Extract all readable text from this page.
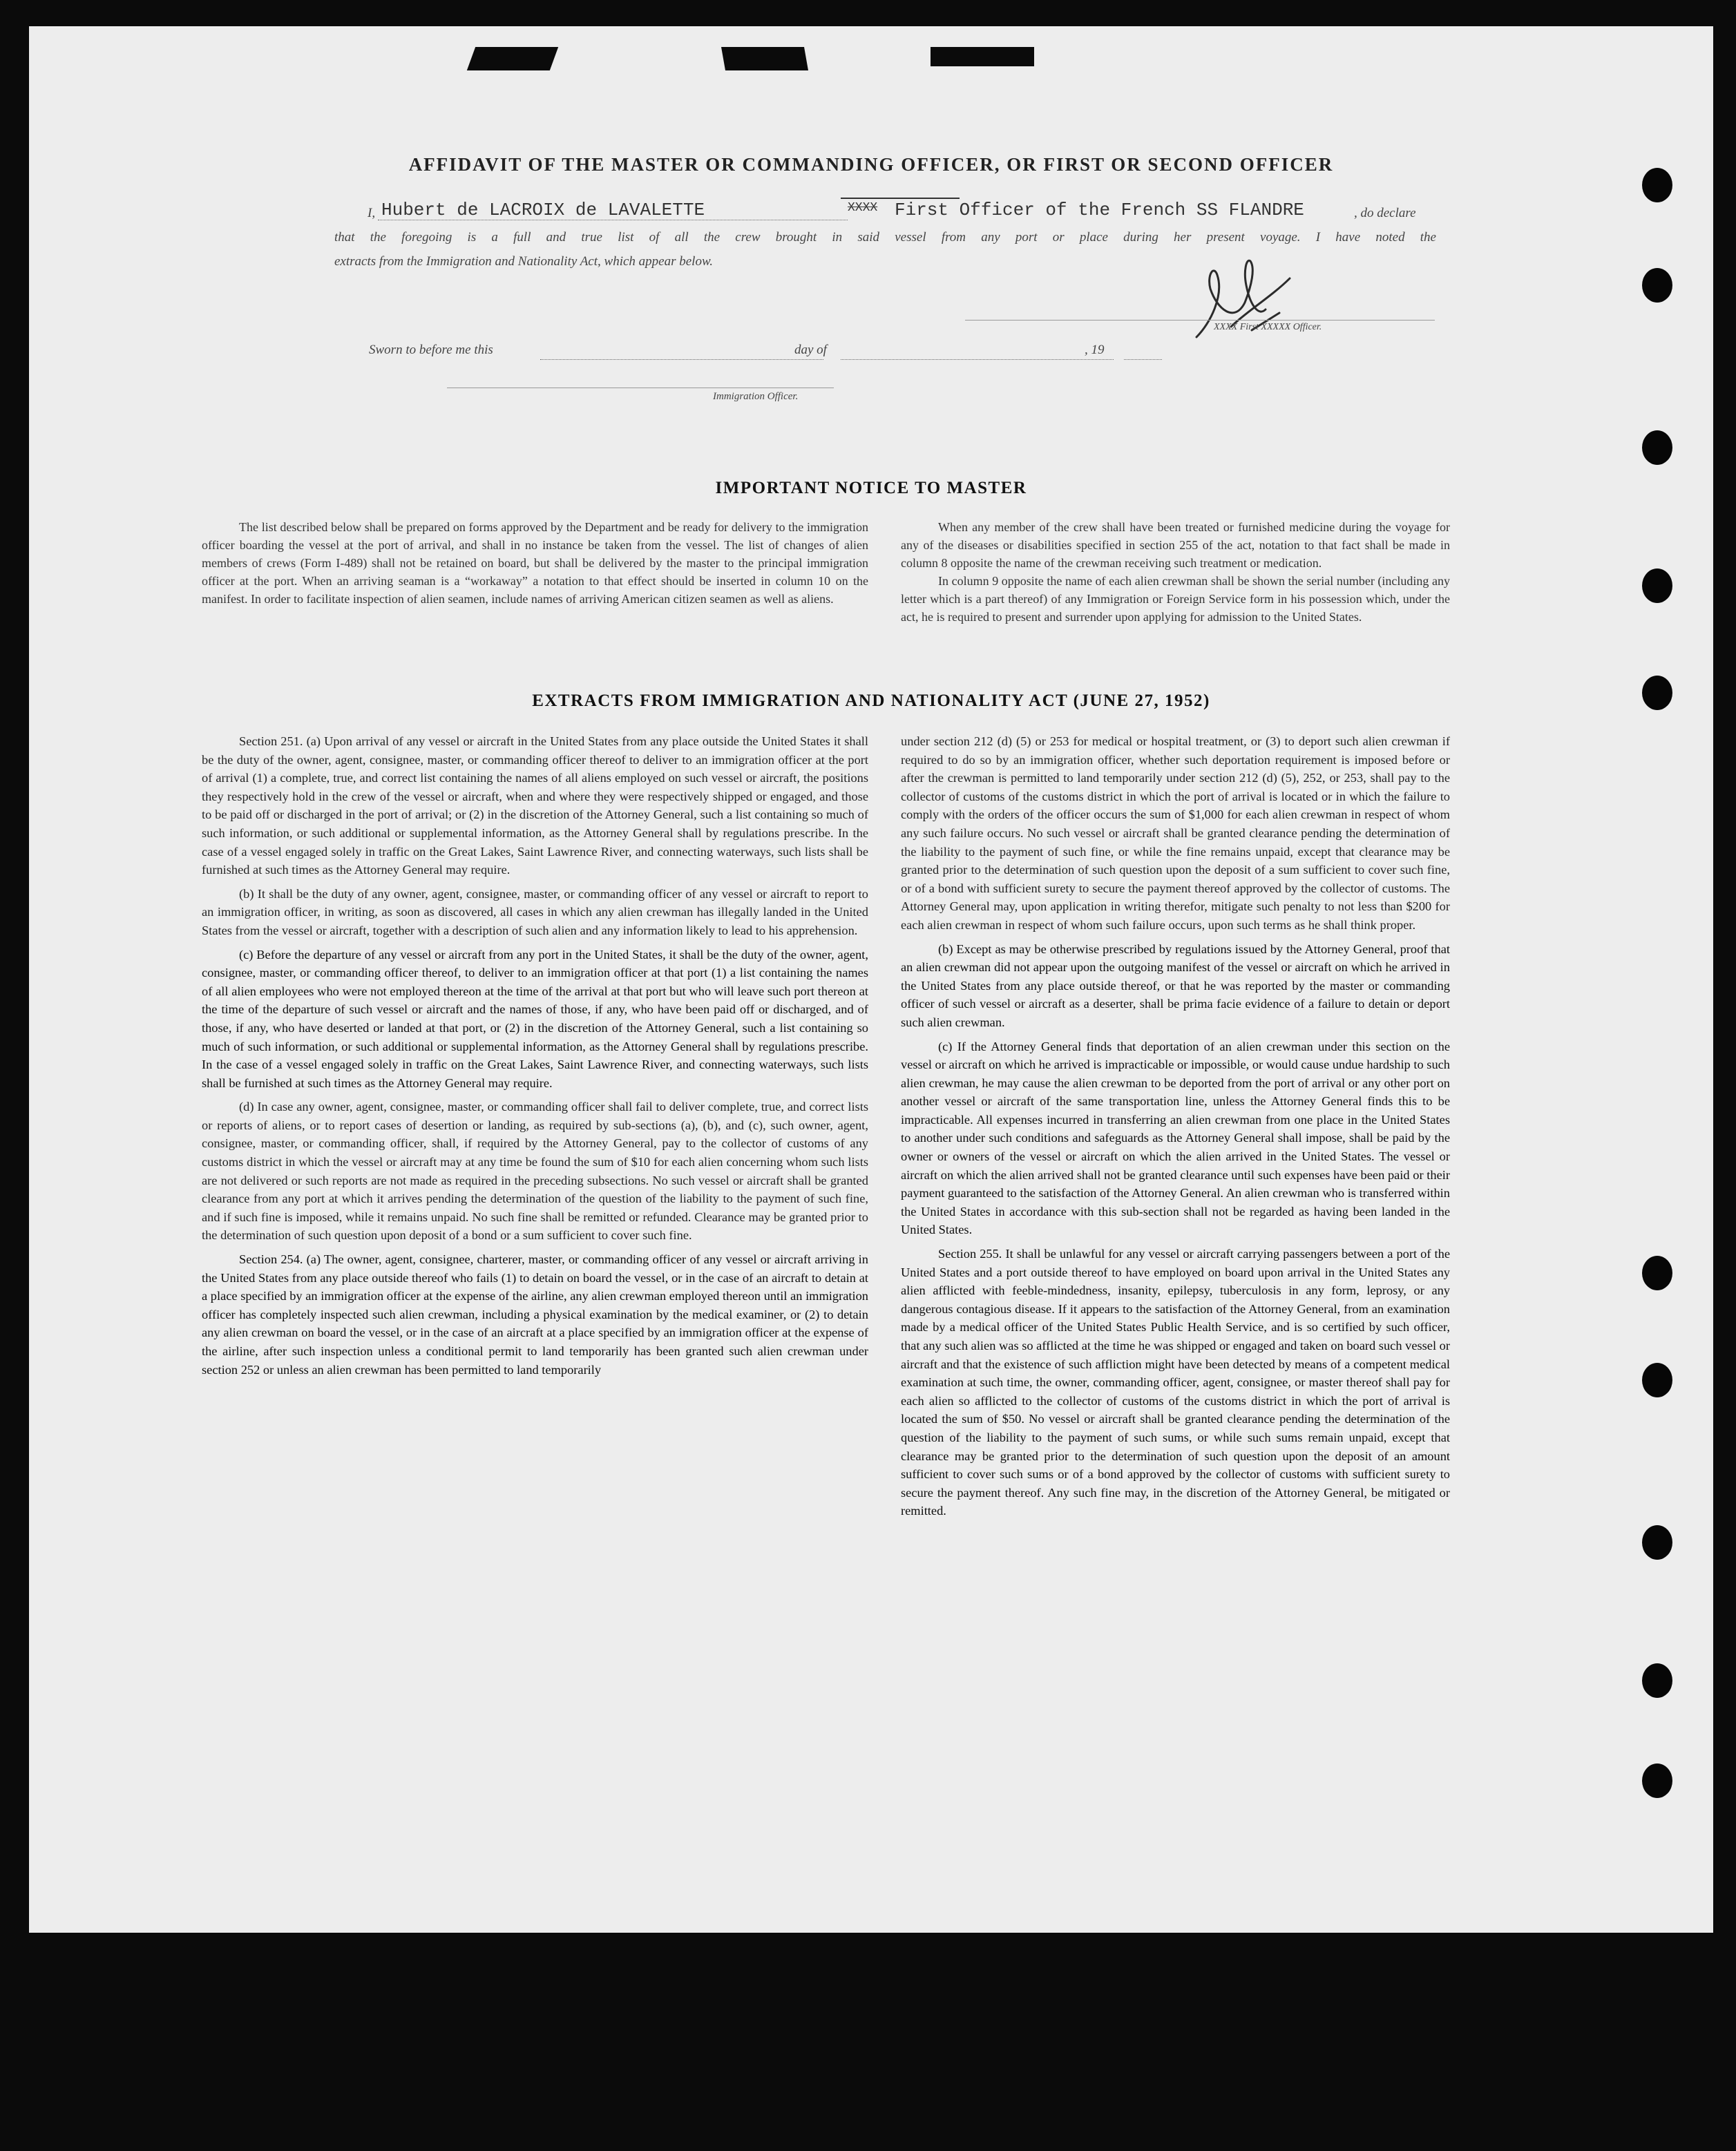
AFFIDAVIT OF THE MASTER OR COMMANDING OFFICER, OR FIRST OR SECOND OFFICER
I, Hubert de LACROIX de LAVALETTE	XXXX First Officer of the French SS FLANDRE	, do declare
that the foregoing is a full and true list of all the crew brought in said vessel from any port or place during her present voyage. I have noted the
extracts from the Immigration and Nationality Act, which appear below.
XXXX First XXXXX Officer.
Sworn to before me this	day of	, 19
Immigration Officer.
IMPORTANT NOTICE TO MASTER

The list described below shall be prepared on forms approved by the Department and be ready for delivery to the immigration officer boarding the vessel at the port of arrival, and shall in no instance be taken from the vessel. The list of changes of alien members of crews (Form I-489) shall not be retained on board, but shall be delivered by the master to the principal immigration officer at the port. When an arriving seaman is a “workaway” a notation to that effect should be inserted in column 10 on the manifest. In order to facilitate inspection of alien seamen, include names of arriving American citizen seamen as well as aliens.

When any member of the crew shall have been treated or furnished medicine during the voyage for any of the diseases or disabilities specified in section 255 of the act, notation to that fact shall be made in column 8 opposite the name of the crewman receiving such treatment or medication.

In column 9 opposite the name of each alien crewman shall be shown the serial number (including any letter which is a part thereof) of any Immigration or Foreign Service form in his possession which, under the act, he is required to present and surrender upon applying for admission to the United States.

EXTRACTS FROM IMMIGRATION AND NATIONALITY ACT (JUNE 27, 1952)

Section 251. (a) Upon arrival of any vessel or aircraft in the United States from any place outside the United States it shall be the duty of the owner, agent, consignee, master, or commanding officer thereof to deliver to an immigration officer at the port of arrival (1) a complete, true, and correct list containing the names of all aliens employed on such vessel or aircraft, the positions they respectively hold in the crew of the vessel or aircraft, when and where they were respectively shipped or engaged, and those to be paid off or discharged in the port of arrival; or (2) in the discretion of the Attorney General, such a list containing so much of such information, or such additional or supplemental information, as the Attorney General shall by regulations prescribe. In the case of a vessel engaged solely in traffic on the Great Lakes, Saint Lawrence River, and connecting waterways, such lists shall be furnished at such times as the Attorney General may require.

(b) It shall be the duty of any owner, agent, consignee, master, or commanding officer of any vessel or aircraft to report to an immigration officer, in writing, as soon as discovered, all cases in which any alien crewman has illegally landed in the United States from the vessel or aircraft, together with a description of such alien and any information likely to lead to his apprehension.

(c) Before the departure of any vessel or aircraft from any port in the United States, it shall be the duty of the owner, agent, consignee, master, or commanding officer thereof, to deliver to an immigration officer at that port (1) a list containing the names of all alien employees who were not employed thereon at the time of the arrival at that port but who will leave such port thereon at the time of the departure of such vessel or aircraft and the names of those, if any, who have been paid off or discharged, and of those, if any, who have deserted or landed at that port, or (2) in the discretion of the Attorney General, such a list containing so much of such information, or such additional or supplemental information, as the Attorney General shall by regulations prescribe. In the case of a vessel engaged solely in traffic on the Great Lakes, Saint Lawrence River, and connecting waterways, such lists shall be furnished at such times as the Attorney General may require.

(d) In case any owner, agent, consignee, master, or commanding officer shall fail to deliver complete, true, and correct lists or reports of aliens, or to report cases of desertion or landing, as required by sub-sections (a), (b), and (c), such owner, agent, consignee, master, or commanding officer, shall, if required by the Attorney General, pay to the collector of customs of any customs district in which the vessel or aircraft may at any time be found the sum of $10 for each alien concerning whom such lists are not delivered or such reports are not made as required in the preceding subsections. No such vessel or aircraft shall be granted clearance from any port at which it arrives pending the determination of the question of the liability to the payment of such fine, and if such fine is imposed, while it remains unpaid. No such fine shall be remitted or refunded. Clearance may be granted prior to the determination of such question upon deposit of a bond or a sum sufficient to cover such fine.

Section 254. (a) The owner, agent, consignee, charterer, master, or commanding officer of any vessel or aircraft arriving in the United States from any place outside thereof who fails (1) to detain on board the vessel, or in the case of an aircraft to detain at a place specified by an immigration officer at the expense of the airline, any alien crewman employed thereon until an immigration officer has completely inspected such alien crewman, including a physical examination by the medical examiner, or (2) to detain any alien crewman on board the vessel, or in the case of an aircraft at a place specified by an immigration officer at the expense of the airline, after such inspection unless a conditional permit to land temporarily has been granted such alien crewman under section 252 or unless an alien crewman has been permitted to land temporarily

under section 212 (d) (5) or 253 for medical or hospital treatment, or (3) to deport such alien crewman if required to do so by an immigration officer, whether such deportation requirement is imposed before or after the crewman is permitted to land temporarily under section 212 (d) (5), 252, or 253, shall pay to the collector of customs of the customs district in which the port of arrival is located or in which the failure to comply with the orders of the officer occurs the sum of $1,000 for each alien crewman in respect of whom any such failure occurs. No such vessel or aircraft shall be granted clearance pending the determination of the liability to the payment of such fine, or while the fine remains unpaid, except that clearance may be granted prior to the determination of such question upon the deposit of a sum sufficient to cover such fine, or of a bond with sufficient surety to secure the payment thereof approved by the collector of customs. The Attorney General may, upon application in writing therefor, mitigate such penalty to not less than $200 for each alien crewman in respect of whom such failure occurs, upon such terms as he shall think proper.

(b) Except as may be otherwise prescribed by regulations issued by the Attorney General, proof that an alien crewman did not appear upon the outgoing manifest of the vessel or aircraft on which he arrived in the United States from any place outside thereof, or that he was reported by the master or commanding officer of such vessel or aircraft as a deserter, shall be prima facie evidence of a failure to detain or deport such alien crewman.

(c) If the Attorney General finds that deportation of an alien crewman under this section on the vessel or aircraft on which he arrived is impracticable or impossible, or would cause undue hardship to such alien crewman, he may cause the alien crewman to be deported from the port of arrival or any other port on another vessel or aircraft of the same transportation line, unless the Attorney General finds this to be impracticable. All expenses incurred in transferring an alien crewman from one place in the United States to another under such conditions and safeguards as the Attorney General shall impose, shall be paid by the owner or owners of the vessel or aircraft on which the alien arrived in the United States. The vessel or aircraft on which the alien arrived shall not be granted clearance until such expenses have been paid or their payment guaranteed to the satisfaction of the Attorney General. An alien crewman who is transferred within the United States in accordance with this sub-section shall not be regarded as having been landed in the United States.

Section 255. It shall be unlawful for any vessel or aircraft carrying passengers between a port of the United States and a port outside thereof to have employed on board upon arrival in the United States any alien afflicted with feeble-mindedness, insanity, epilepsy, tuberculosis in any form, leprosy, or any dangerous contagious disease. If it appears to the satisfaction of the Attorney General, from an examination made by a medical officer of the United States Public Health Service, and is so certified by such officer, that any such alien was so afflicted at the time he was shipped or engaged and taken on board such vessel or aircraft and that the existence of such affliction might have been detected by means of a competent medical examination at such time, the owner, commanding officer, agent, consignee, or master thereof shall pay for each alien so afflicted to the collector of customs of the customs district in which the port of arrival is located the sum of $50. No vessel or aircraft shall be granted clearance pending the determination of the question of the liability to the payment of such sums, or while such sums remain unpaid, except that clearance may be granted prior to the determination of such question upon the deposit of an amount sufficient to cover such sums or of a bond approved by the collector of customs with sufficient surety to secure the payment thereof. Any such fine may, in the discretion of the Attorney General, be mitigated or remitted.
